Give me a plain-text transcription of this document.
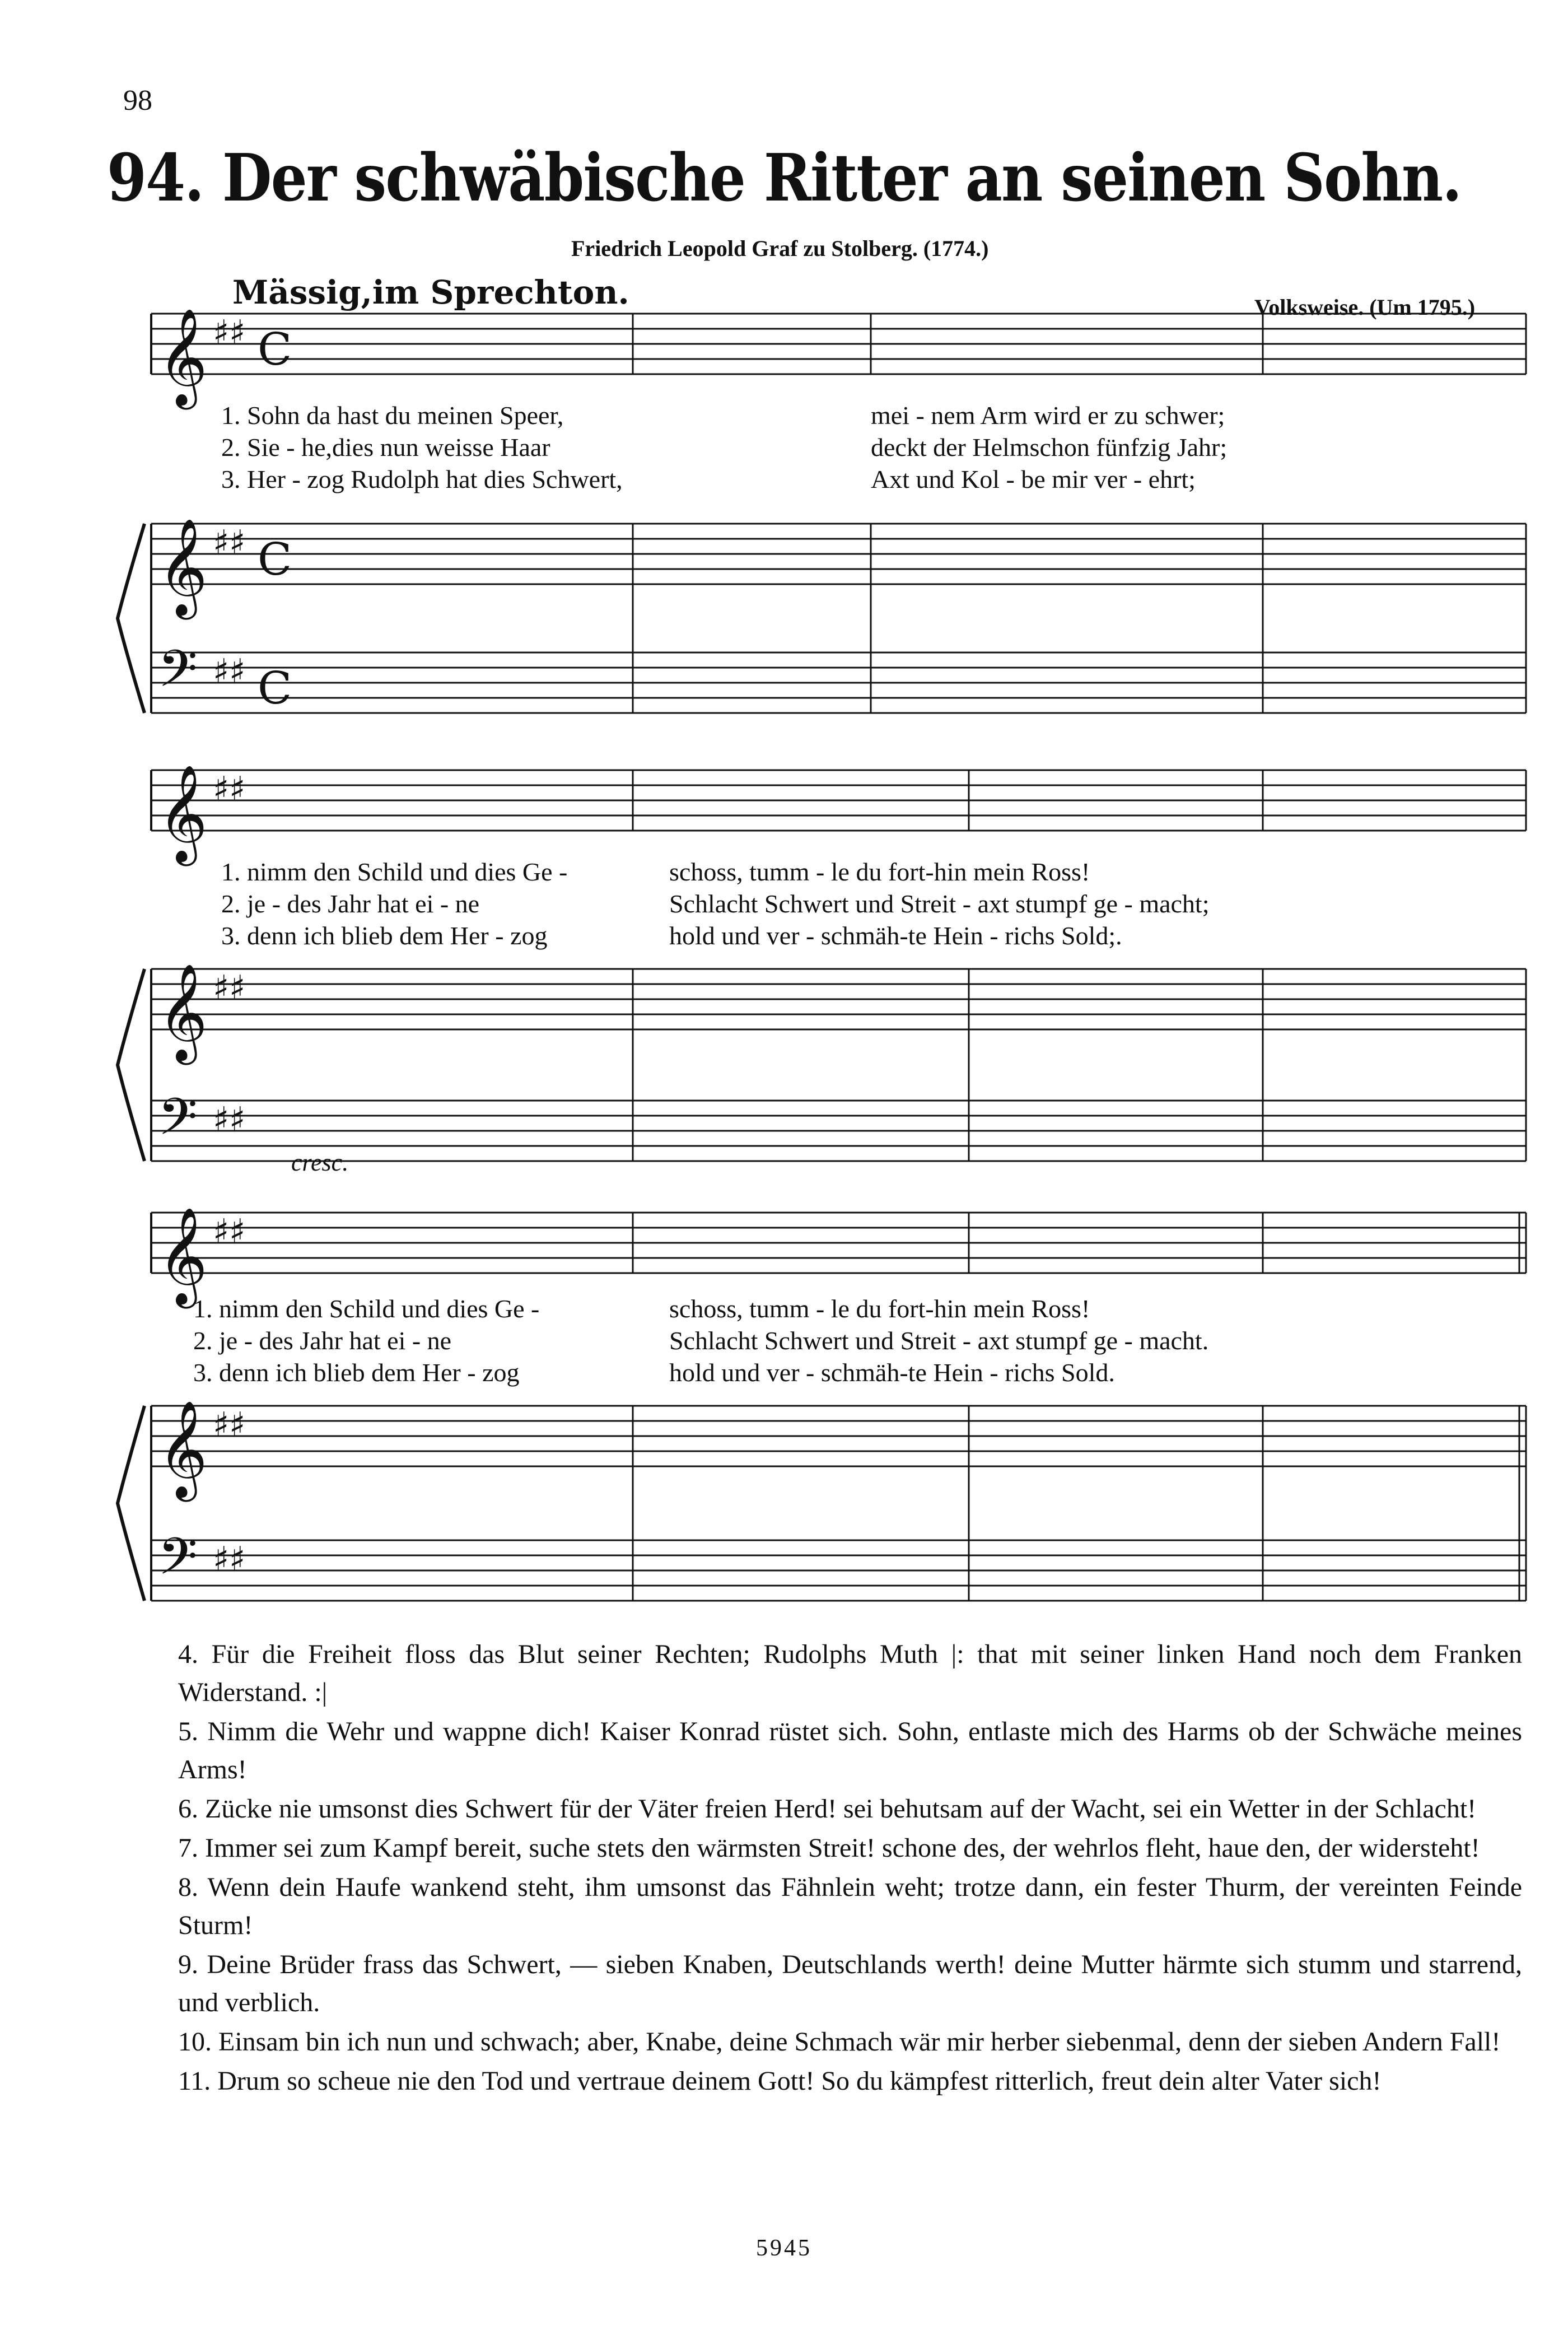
98
94. Der schwäbische Ritter an seinen Sohn.
Friedrich Leopold Graf zu Stolberg. (1774.)
Mässig,im Sprechton.	Volksweise. (Um 1795.)
cresc.
𝄞 ♯♯ C
𝄞 ♯♯ C
𝄢 ♯♯ C
𝄞 ♯♯
𝄞 ♯♯
𝄢 ♯♯
𝄞 ♯♯
𝄞 ♯♯
𝄢 ♯♯
1. Sohn da hast du meinen Speer,	mei - nem Arm wird er zu schwer;
2. Sie - he,dies nun weisse Haar	deckt der Helmschon fünfzig Jahr;
3. Her - zog Rudolph hat dies Schwert,	Axt und Kol - be mir ver - ehrt;
1. nimm den Schild und dies Ge -	schoss, tumm - le du fort-hin mein Ross!
2. je - des Jahr hat ei - ne	Schlacht Schwert und Streit - axt stumpf ge - macht;
3. denn ich blieb dem Her - zog	hold und ver - schmäh-te Hein - richs Sold;.
1. nimm den Schild und dies Ge -	schoss, tumm - le du fort-hin mein Ross!
2. je - des Jahr hat ei - ne	Schlacht Schwert und Streit - axt stumpf ge - macht.
3. denn ich blieb dem Her - zog	hold und ver - schmäh-te Hein - richs Sold.

4. Für die Freiheit floss das Blut seiner Rechten; Rudolphs Muth |: that mit seiner linken Hand noch dem Franken Widerstand. :|

5. Nimm die Wehr und wappne dich! Kaiser Konrad rüstet sich. Sohn, entlaste mich des Harms ob der Schwäche meines Arms!

6. Zücke nie umsonst dies Schwert für der Väter freien Herd! sei behutsam auf der Wacht, sei ein Wetter in der Schlacht!

7. Immer sei zum Kampf bereit, suche stets den wärmsten Streit! schone des, der wehrlos fleht, haue den, der widersteht!

8. Wenn dein Haufe wankend steht, ihm umsonst das Fähnlein weht; trotze dann, ein fester Thurm, der vereinten Feinde Sturm!

9. Deine Brüder frass das Schwert, — sieben Knaben, Deutschlands werth! deine Mutter härmte sich stumm und starrend, und verblich.

10. Einsam bin ich nun und schwach; aber, Knabe, deine Schmach wär mir herber siebenmal, denn der sieben Andern Fall!

11. Drum so scheue nie den Tod und vertraue deinem Gott! So du kämpfest ritterlich, freut dein alter Vater sich!

5945
